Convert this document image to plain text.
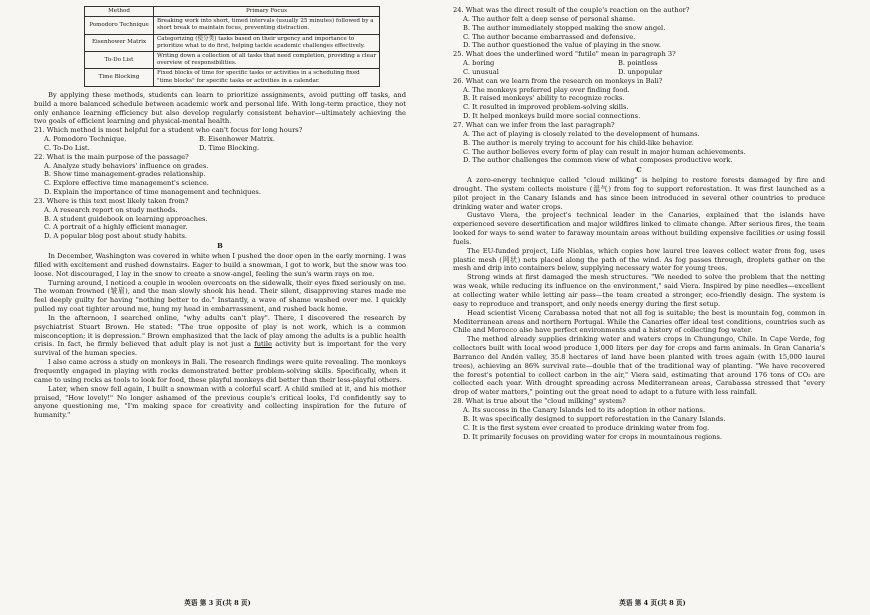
Method	Primary Focus
Pomodoro Technique	Breaking work into short, timed intervals (usually 25 minutes) followed by a short break to maintain focus, preventing distraction.
Eisenhower Matrix	Categorizing (使分类) tasks based on their urgency and importance to prioritize what to do first, helping tackle academic challenges effectively.
To-Do List	Writing down a collection of all tasks that need completion, providing a clear overview of responsibilities.
Time Blocking	Fixed blocks of time for specific tasks or activities in a scheduling fixed "time blocks" for specific tasks or activities in a calendar.

By applying these methods, students can learn to prioritize assignments, avoid putting off tasks, and build a more balanced schedule between academic work and personal life. With long-term practice, they not only enhance learning efficiency but also develop regularly consistent behavior—ultimately achieving the two goals of efficient learning and physical-mental health.

21. Which method is most helpful for a student who can't focus for long hours?
A. Pomodoro Technique.	B. Eisenhower Matrix.
C. To-Do List.	D. Time Blocking.
22. What is the main purpose of the passage?
A. Analyze study behaviors' influence on grades.
B. Show time management-grades relationship.
C. Explore effective time management's science.
D. Explain the importance of time management and techniques.
23. Where is this text most likely taken from?
A. A research report on study methods.
B. A student guidebook on learning approaches.
C. A portrait of a highly efficient manager.
D. A popular blog post about study habits.
B

In December, Washington was covered in white when I pushed the door open in the early morning. I was filled with excitement and rushed downstairs. Eager to build a snowman, I got to work, but the snow was too loose. Not discouraged, I lay in the snow to create a snow-angel, feeling the sun's warm rays on me.

Turning around, I noticed a couple in woolen overcoats on the sidewalk, their eyes fixed seriously on me. The woman frowned (皱眉), and the man slowly shook his head. Their silent, disapproving stares made me feel deeply guilty for having "nothing better to do." Instantly, a wave of shame washed over me. I quickly pulled my coat tighter around me, hung my head in embarrassment, and rushed back home.

In the afternoon, I searched online, "why adults can't play". There, I discovered the research by psychiatrist Stuart Brown. He stated: "The true opposite of play is not work, which is a common misconception; it is depression." Brown emphasized that the lack of play among the adults is a public health crisis. In fact, he firmly believed that adult play is not just a futile activity but is important for the very survival of the human species.

I also came across a study on monkeys in Bali. The research findings were quite revealing. The monkeys frequently engaged in playing with rocks demonstrated better problem-solving skills. Specifically, when it came to using rocks as tools to look for food, these playful monkeys did better than their less-playful others.

Later, when snow fell again, I built a snowman with a colorful scarf. A child smiled at it, and his mother praised, "How lovely!" No longer ashamed of the previous couple's critical looks, I'd confidently say to anyone questioning me, "I'm making space for creativity and collecting inspiration for the future of humanity."

英语 第 3 页(共 8 页)
24. What was the direct result of the couple's reaction on the author?
A. The author felt a deep sense of personal shame.
B. The author immediately stopped making the snow angel.
C. The author became embarrassed and defensive.
D. The author questioned the value of playing in the snow.
25. What does the underlined word "futile" mean in paragraph 3?
A. boring	B. pointless
C. unusual	D. unpopular
26. What can we learn from the research on monkeys in Bali?
A. The monkeys preferred play over finding food.
B. It raised monkeys' ability to recognize rocks.
C. It resulted in improved problem-solving skills.
D. It helped monkeys build more social connections.
27. What can we infer from the last paragraph?
A. The act of playing is closely related to the development of humans.
B. The author is merely trying to account for his child-like behavior.
C. The author believes every form of play can result in major human achievements.
D. The author challenges the common view of what composes productive work.
C

A zero-energy technique called "cloud milking" is helping to restore forests damaged by fire and drought. The system collects moisture (湿气) from fog to support reforestation. It was first launched as a pilot project in the Canary Islands and has since been introduced in several other countries to produce drinking water and water crops.

Gustavo Viera, the project's technical leader in the Canaries, explained that the islands have experienced severe desertification and major wildfires linked to climate change. After serious fires, the team looked for ways to send water to faraway mountain areas without building expensive facilities or using fossil fuels.

The EU-funded project, Life Nieblas, which copies how laurel tree leaves collect water from fog, uses plastic mesh (网状) nets placed along the path of the wind. As fog passes through, droplets gather on the mesh and drip into containers below, supplying necessary water for young trees.

Strong winds at first damaged the mesh structures. "We needed to solve the problem that the netting was weak, while reducing its influence on the environment," said Viera. Inspired by pine needles—excellent at collecting water while letting air pass—the team created a stronger, eco-friendly design. The system is easy to reproduce and transport, and only needs energy during the first setup.

Head scientist Vicenç Carabassa noted that not all fog is suitable; the best is mountain fog, common in Mediterranean areas and northern Portugal. While the Canaries offer ideal test conditions, countries such as Chile and Morocco also have perfect environments and a history of collecting fog water.

The method already supplies drinking water and waters crops in Chungungo, Chile. In Cape Verde, fog collectors built with local wood produce 1,000 liters per day for crops and farm animals. In Gran Canaria's Barranco del Andén valley, 35.8 hectares of land have been planted with trees again (with 15,000 laurel trees), achieving an 86% survival rate—double that of the traditional way of planting. "We have recovered the forest's potential to collect carbon in the air," Viera said, estimating that around 176 tons of CO₂ are collected each year. With drought spreading across Mediterranean areas, Carabassa stressed that "every drop of water matters," pointing out the great need to adapt to a future with less rainfall.

28. What is true about the "cloud milking" system?
A. Its success in the Canary Islands led to its adoption in other nations.
B. It was specifically designed to support reforestation in the Canary Islands.
C. It is the first system ever created to produce drinking water from fog.
D. It primarily focuses on providing water for crops in mountainous regions.
英语 第 4 页(共 8 页)
